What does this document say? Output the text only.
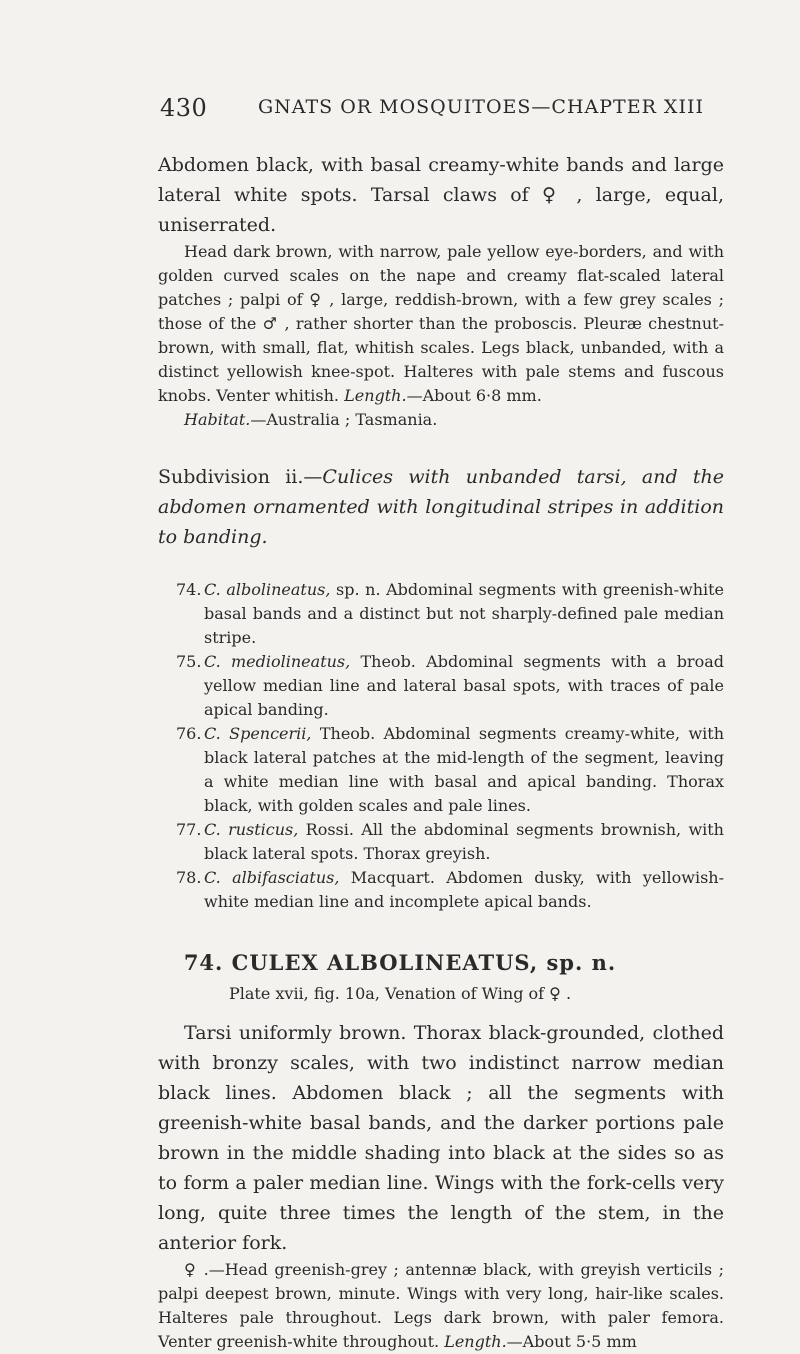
430	GNATS OR MOSQUITOES—CHAPTER XIII

Abdomen black, with basal creamy-white bands and large lateral white spots. Tarsal claws of ♀ , large, equal, uniserrated.

Head dark brown, with narrow, pale yellow eye-borders, and with golden curved scales on the nape and creamy flat-scaled lateral patches ; palpi of ♀ , large, reddish-brown, with a few grey scales ; those of the ♂ , rather shorter than the proboscis. Pleuræ chestnut-brown, with small, flat, whitish scales. Legs black, unbanded, with a distinct yellowish knee-spot. Halteres with pale stems and fuscous knobs. Venter whitish. Length.—About 6·8 mm.

Habitat.—Australia ; Tasmania.

Subdivision ii.—Culices with unbanded tarsi, and the abdomen ornamented with longitudinal stripes in addition to banding.

74. C. albolineatus, sp. n. Abdominal segments with greenish-white basal bands and a distinct but not sharply-defined pale median stripe.
75. C. mediolineatus, Theob. Abdominal segments with a broad yellow median line and lateral basal spots, with traces of pale apical banding.
76. C. Spencerii, Theob. Abdominal segments creamy-white, with black lateral patches at the mid-length of the segment, leaving a white median line with basal and apical banding. Thorax black, with golden scales and pale lines.
77. C. rusticus, Rossi. All the abdominal segments brownish, with black lateral spots. Thorax greyish.
78. C. albifasciatus, Macquart. Abdomen dusky, with yellowish-white median line and incomplete apical bands.
74. CULEX ALBOLINEATUS, sp. n.
Plate xvii, fig. 10a, Venation of Wing of ♀ .

Tarsi uniformly brown. Thorax black-grounded, clothed with bronzy scales, with two indistinct narrow median black lines. Abdomen black ; all the segments with greenish-white basal bands, and the darker portions pale brown in the middle shading into black at the sides so as to form a paler median line. Wings with the fork-cells very long, quite three times the length of the stem, in the anterior fork.

♀ .—Head greenish-grey ; antennæ black, with greyish verticils ; palpi deepest brown, minute. Wings with very long, hair-like scales. Halteres pale throughout. Legs dark brown, with paler femora. Venter greenish-white throughout. Length.—About 5·5 mm
